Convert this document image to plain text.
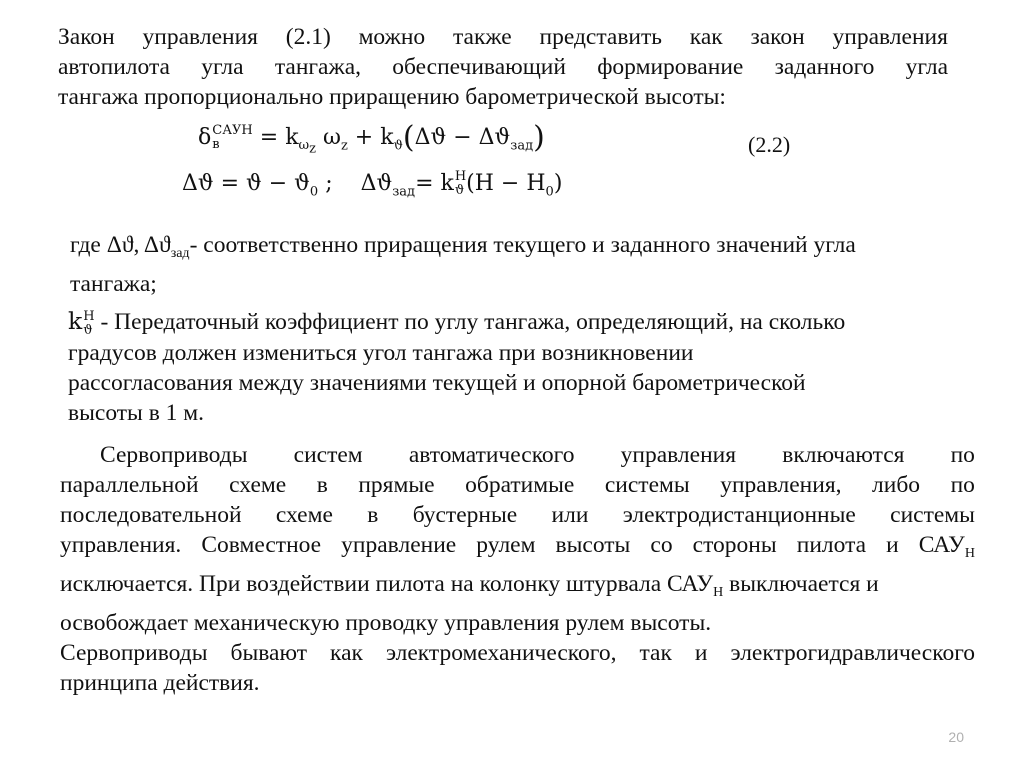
Закон управления (2.1) можно также представить как закон управления
автопилота угла тангажа, обеспечивающий формирование заданного угла
тангажа пропорционально приращению барометрической высоты:
δ САУН
в	= $k_{\omega_z}$ $\omega_z + k_ϑ(\Delta ϑ - \Delta ϑ_{зад})$	(2.2)
$\Delta ϑ = ϑ - ϑ_0$ ;    $\Delta ϑ_{зад}= k$ H
ϑ $(H - H_0)$
где Δϑ, $\Delta ϑ_{зад}-$ соответственно приращения текущего и заданного значений угла
тангажа;
k H
ϑ - Передаточный коэффициент по углу тангажа, определяющий, на сколько
градусов должен измениться угол тангажа при возникновении
рассогласования между значениями текущей и опорной барометрической
высоты в 1 м.
Сервоприводы систем автоматического управления включаются по
параллельной схеме в прямые обратимые системы управления, либо по
последовательной схеме в бустерные или электродистанционные системы
управления. Совместное управление рулем высоты со стороны пилота и САУН
исключается. При воздействии пилота на колонку штурвала САУН выключается и
освобождает механическую проводку управления рулем высоты.
Сервоприводы бывают как электромеханического, так и электрогидравлического
принципа действия.
20
